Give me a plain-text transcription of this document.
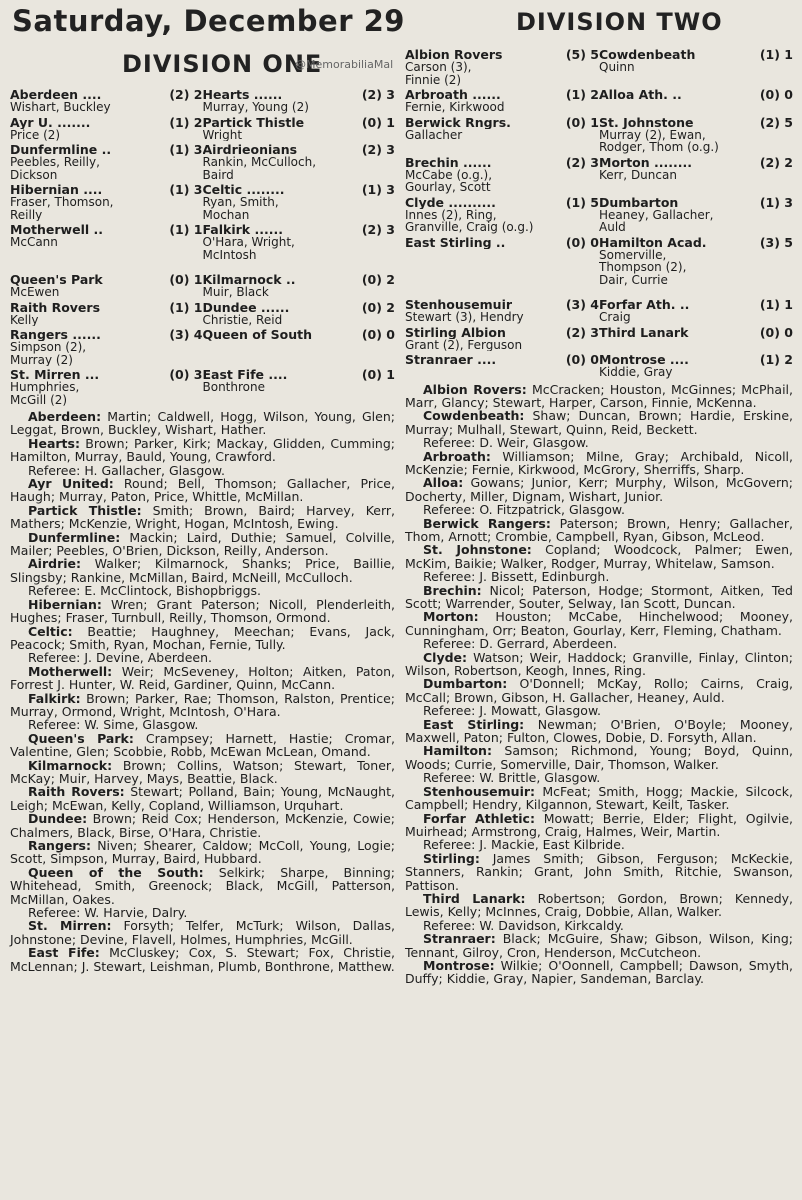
Saturday, December 29
DIVISION ONE
DIVISION TWO
@MemorabiliaMal
Aberdeen ....	(2) 2
Wishart, Buckley
Hearts ......	(2) 3
Murray, Young (2)
Ayr U. .......	(1) 2
Price (2)
Partick Thistle	(0) 1
Wright
Dunfermline ..	(1) 3
Peebles, Reilly,
Dickson
Airdrieonians	(2) 3
Rankin, McCulloch,
Baird
Hibernian ....	(1) 3
Fraser, Thomson,
Reilly
Celtic ........	(1) 3
Ryan, Smith,
Mochan
Motherwell ..	(1) 1
McCann
Falkirk ......	(2) 3
O'Hara, Wright,
McIntosh
Queen's Park	(0) 1
McEwen
Kilmarnock ..	(0) 2
Muir, Black
Raith Rovers	(1) 1
Kelly
Dundee ......	(0) 2
Christie, Reid
Rangers ......	(3) 4
Simpson (2),
Murray (2)
Queen of South	(0) 0
St. Mirren ...	(0) 3
Humphries,
McGill (2)
East Fife ....	(0) 1
Bonthrone
Aberdeen: Martin; Caldwell, Hogg, Wilson, Young, Glen; Leggat, Brown, Buckley, Wishart, Hather.
Hearts: Brown; Parker, Kirk; Mackay, Glidden, Cumming; Hamilton, Murray, Bauld, Young, Crawford.
Referee: H. Gallacher, Glasgow.
Ayr United: Round; Bell, Thomson; Gallacher, Price, Haugh; Murray, Paton, Price, Whittle, McMillan.
Partick Thistle: Smith; Brown, Baird; Harvey, Kerr, Mathers; McKenzie, Wright, Hogan, McIntosh, Ewing.
Dunfermline: Mackin; Laird, Duthie; Samuel, Colville, Mailer; Peebles, O'Brien, Dickson, Reilly, Anderson.
Airdrie: Walker; Kilmarnock, Shanks; Price, Baillie, Slingsby; Rankine, McMillan, Baird, McNeill, McCulloch.
Referee: E. McClintock, Bishopbriggs.
Hibernian: Wren; Grant Paterson; Nicoll, Plenderleith, Hughes; Fraser, Turnbull, Reilly, Thomson, Ormond.
Celtic: Beattie; Haughney, Meechan; Evans, Jack, Peacock; Smith, Ryan, Mochan, Fernie, Tully.
Referee: J. Devine, Aberdeen.
Motherwell: Weir; McSeveney, Holton; Aitken, Paton, Forrest J. Hunter, W. Reid, Gardiner, Quinn, McCann.
Falkirk: Brown; Parker, Rae; Thomson, Ralston, Prentice; Murray, Ormond, Wright, McIntosh, O'Hara.
Referee: W. Sime, Glasgow.
Queen's Park: Crampsey; Harnett, Hastie; Cromar, Valentine, Glen; Scobbie, Robb, McEwan McLean, Omand.
Kilmarnock: Brown; Collins, Watson; Stewart, Toner, McKay; Muir, Harvey, Mays, Beattie, Black.
Raith Rovers: Stewart; Polland, Bain; Young, McNaught, Leigh; McEwan, Kelly, Copland, Williamson, Urquhart.
Dundee: Brown; Reid Cox; Henderson, McKenzie, Cowie; Chalmers, Black, Birse, O'Hara, Christie.
Rangers: Niven; Shearer, Caldow; McColl, Young, Logie; Scott, Simpson, Murray, Baird, Hubbard.
Queen of the South: Selkirk; Sharpe, Binning; Whitehead, Smith, Greenock; Black, McGill, Patterson, McMillan, Oakes.
Referee: W. Harvie, Dalry.
St. Mirren: Forsyth; Telfer, McTurk; Wilson, Dallas, Johnstone; Devine, Flavell, Holmes, Humphries, McGill.
East Fife: McCluskey; Cox, S. Stewart; Fox, Christie, McLennan; J. Stewart, Leishman, Plumb, Bonthrone, Matthew.
Albion Rovers	(5) 5
Carson (3),
Finnie (2)
Cowdenbeath	(1) 1
Quinn
Arbroath ......	(1) 2
Fernie, Kirkwood
Alloa Ath. ..	(0) 0
Berwick Rngrs.	(0) 1
Gallacher
St. Johnstone	(2) 5
Murray (2), Ewan,
Rodger, Thom (o.g.)
Brechin ......	(2) 3
McCabe (o.g.),
Gourlay, Scott
Morton ........	(2) 2
Kerr, Duncan
Clyde ..........	(1) 5
Innes (2), Ring,
Granville, Craig (o.g.)
Dumbarton	(1) 3
Heaney, Gallacher,
Auld
East Stirling ..	(0) 0 Hamilton Acad.	(3) 5
Somerville,
Thompson (2),
Dair, Currie
Stenhousemuir	(3) 4
Stewart (3), Hendry
Forfar Ath. ..	(1) 1
Craig
Stirling Albion	(2) 3
Grant (2), Ferguson
Third Lanark	(0) 0
Stranraer ....	(0) 0 Montrose ....	(1) 2
Kiddie, Gray
Albion Rovers: McCracken; Houston, McGinnes; McPhail, Marr, Glancy; Stewart, Harper, Carson, Finnie, McKenna.
Cowdenbeath: Shaw; Duncan, Brown; Hardie, Erskine, Murray; Mulhall, Stewart, Quinn, Reid, Beckett.
Referee: D. Weir, Glasgow.
Arbroath: Williamson; Milne, Gray; Archibald, Nicoll, McKenzie; Fernie, Kirkwood, McGrory, Sherriffs, Sharp.
Alloa: Gowans; Junior, Kerr; Murphy, Wilson, McGovern; Docherty, Miller, Dignam, Wishart, Junior.
Referee: O. Fitzpatrick, Glasgow.
Berwick Rangers: Paterson; Brown, Henry; Gallacher, Thom, Arnott; Crombie, Campbell, Ryan, Gibson, McLeod.
St. Johnstone: Copland; Woodcock, Palmer; Ewen, McKim, Baikie; Walker, Rodger, Murray, Whitelaw, Samson.
Referee: J. Bissett, Edinburgh.
Brechin: Nicol; Paterson, Hodge; Stormont, Aitken, Ted Scott; Warrender, Souter, Selway, Ian Scott, Duncan.
Morton: Houston; McCabe, Hinchelwood; Mooney, Cunningham, Orr; Beaton, Gourlay, Kerr, Fleming, Chatham.
Referee: D. Gerrard, Aberdeen.
Clyde: Watson; Weir, Haddock; Granville, Finlay, Clinton; Wilson, Robertson, Keogh, Innes, Ring.
Dumbarton: O'Donnell; McKay, Rollo; Cairns, Craig, McCall; Brown, Gibson, H. Gallacher, Heaney, Auld.
Referee: J. Mowatt, Glasgow.
East Stirling: Newman; O'Brien, O'Boyle; Mooney, Maxwell, Paton; Fulton, Clowes, Dobie, D. Forsyth, Allan.
Hamilton: Samson; Richmond, Young; Boyd, Quinn, Woods; Currie, Somerville, Dair, Thomson, Walker.
Referee: W. Brittle, Glasgow.
Stenhousemuir: McFeat; Smith, Hogg; Mackie, Silcock, Campbell; Hendry, Kilgannon, Stewart, Keilt, Tasker.
Forfar Athletic: Mowatt; Berrie, Elder; Flight, Ogilvie, Muirhead; Armstrong, Craig, Halmes, Weir, Martin.
Referee: J. Mackie, East Kilbride.
Stirling: James Smith; Gibson, Ferguson; McKeckie, Stanners, Rankin; Grant, John Smith, Ritchie, Swanson, Pattison.
Third Lanark: Robertson; Gordon, Brown; Kennedy, Lewis, Kelly; McInnes, Craig, Dobbie, Allan, Walker.
Referee: W. Davidson, Kirkcaldy.
Stranraer: Black; McGuire, Shaw; Gibson, Wilson, King; Tennant, Gilroy, Cron, Henderson, McCutcheon.
Montrose: Wilkie; O'Oonnell, Campbell; Dawson, Smyth, Duffy; Kiddie, Gray, Napier, Sandeman, Barclay.
